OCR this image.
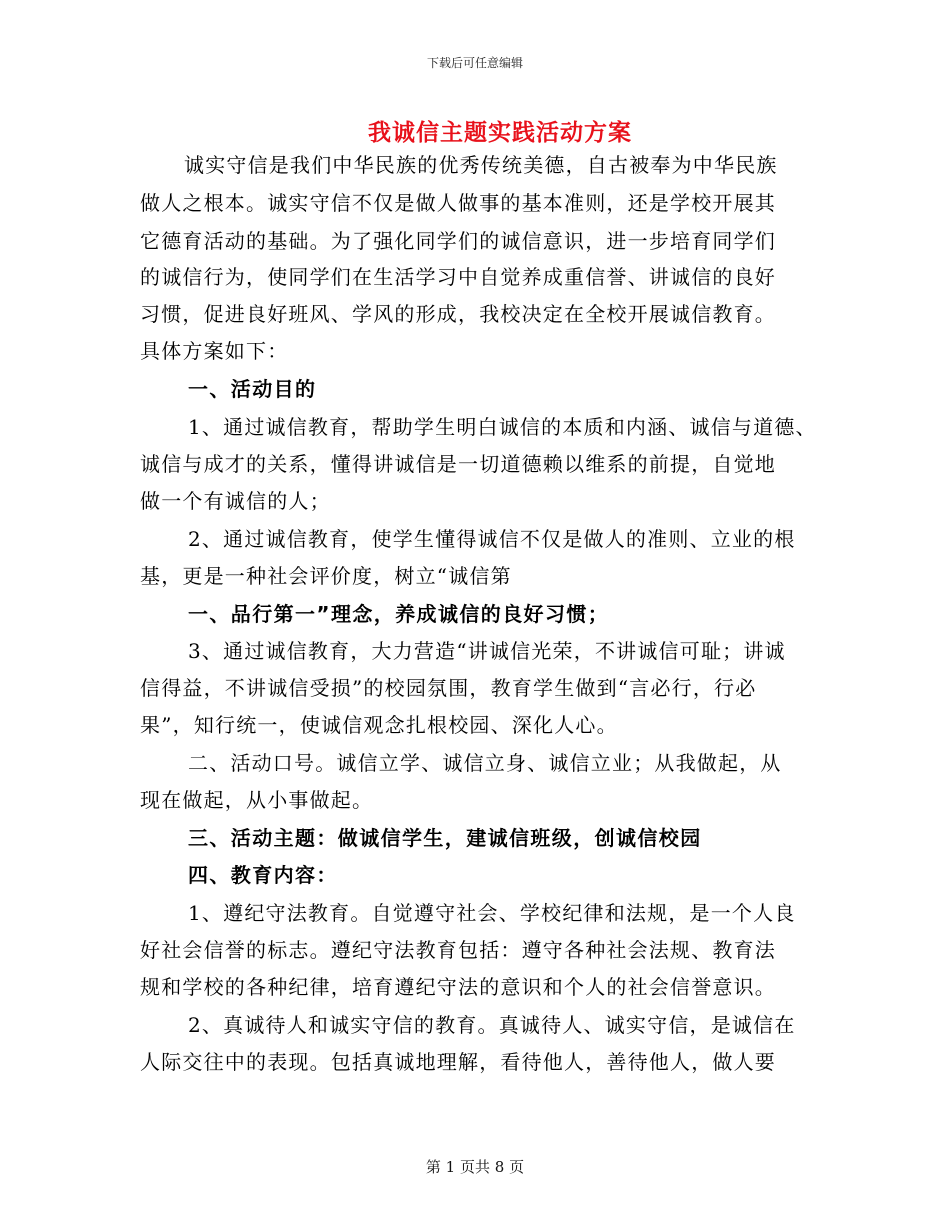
下载后可任意编辑
我诚信主题实践活动方案
诚实守信是我们中华民族的优秀传统美德，自古被奉为中华民族
做人之根本。诚实守信不仅是做人做事的基本准则，还是学校开展其
它德育活动的基础。为了强化同学们的诚信意识，进一步培育同学们
的诚信行为，使同学们在生活学习中自觉养成重信誉、讲诚信的良好
习惯，促进良好班风、学风的形成，我校决定在全校开展诚信教育。
具体方案如下：
一、活动目的
1、通过诚信教育，帮助学生明白诚信的本质和内涵、诚信与道德、
诚信与成才的关系，懂得讲诚信是一切道德赖以维系的前提，自觉地
做一个有诚信的人；
2、通过诚信教育，使学生懂得诚信不仅是做人的准则、立业的根
基，更是一种社会评价度，树立“诚信第
一、品行第一”理念，养成诚信的良好习惯；
3、通过诚信教育，大力营造“讲诚信光荣，不讲诚信可耻；讲诚
信得益，不讲诚信受损”的校园氛围，教育学生做到“言必行，行必
果”，知行统一，使诚信观念扎根校园、深化人心。
二、活动口号。诚信立学、诚信立身、诚信立业；从我做起，从
现在做起，从小事做起。
三、活动主题：做诚信学生，建诚信班级，创诚信校园
四、教育内容：
1、遵纪守法教育。自觉遵守社会、学校纪律和法规，是一个人良
好社会信誉的标志。遵纪守法教育包括：遵守各种社会法规、教育法
规和学校的各种纪律，培育遵纪守法的意识和个人的社会信誉意识。
2、真诚待人和诚实守信的教育。真诚待人、诚实守信，是诚信在
人际交往中的表现。包括真诚地理解，看待他人，善待他人，做人要
第 1 页共 8 页
